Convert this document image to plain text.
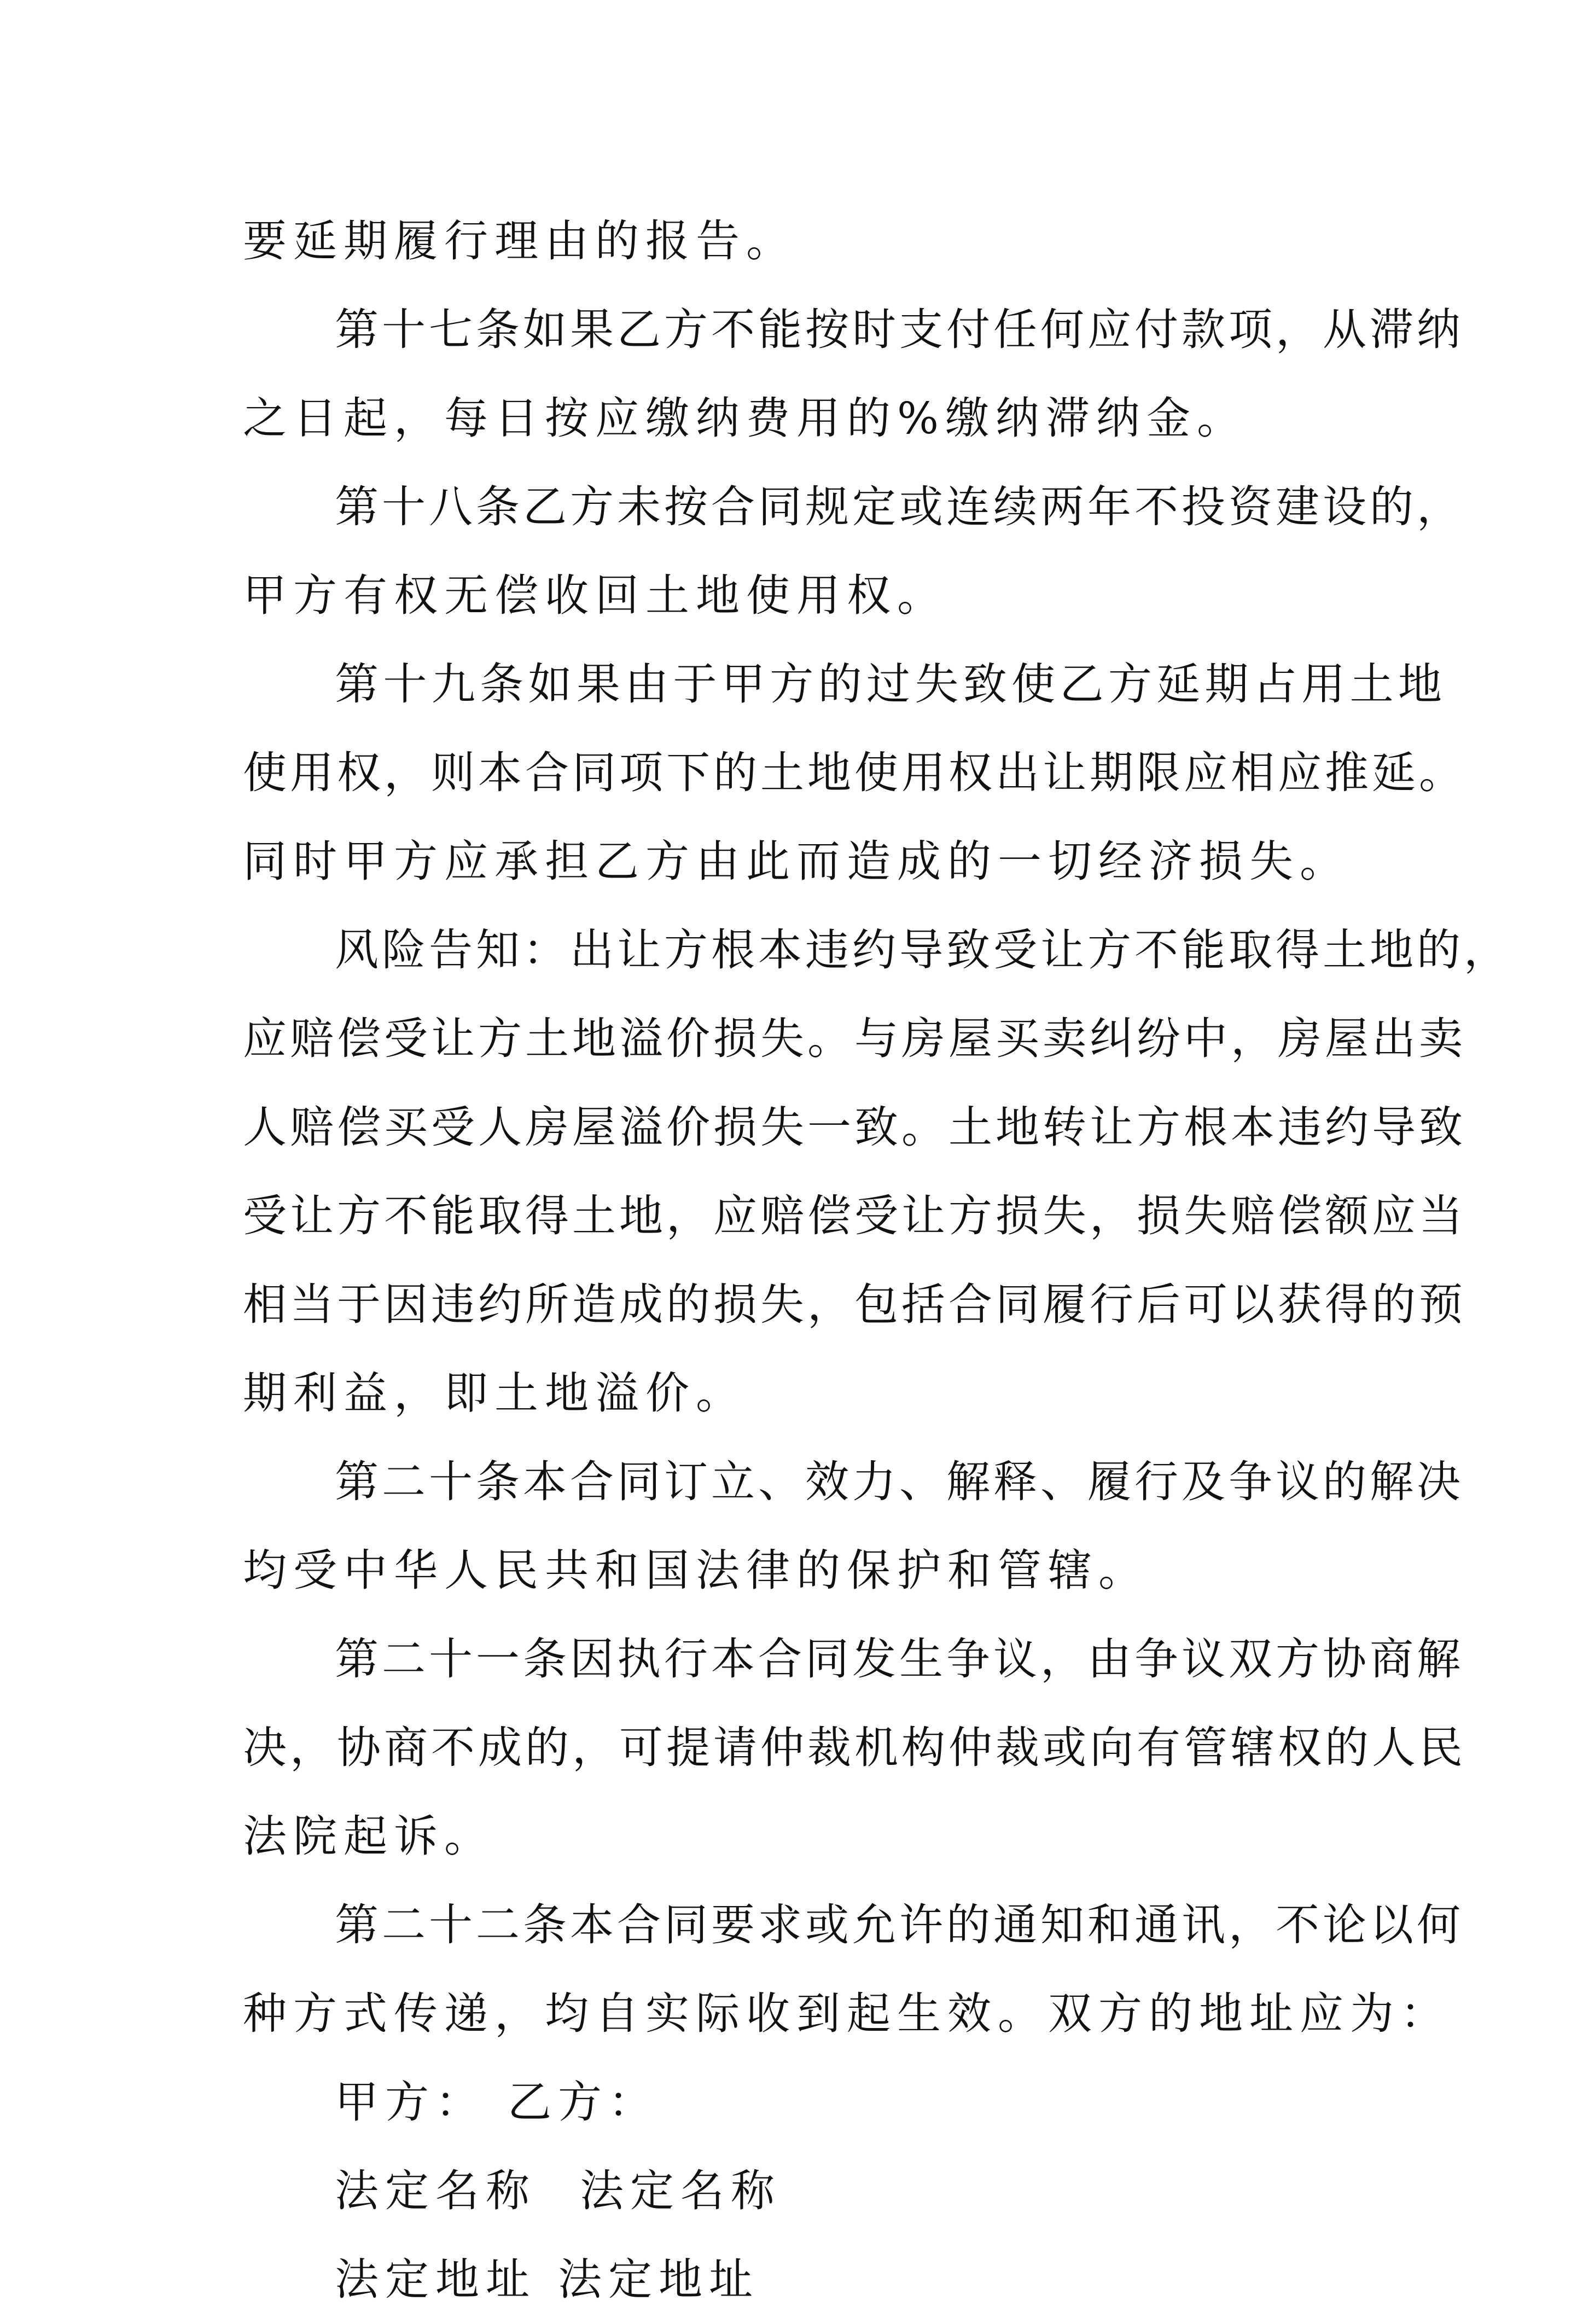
要延期履行理由的报告。

第十七条如果乙方不能按时支付任何应付款项，从滞纳

之日起，每日按应缴纳费用的%缴纳滞纳金。

第十八条乙方未按合同规定或连续两年不投资建设的，

甲方有权无偿收回土地使用权。

第十九条如果由于甲方的过失致使乙方延期占用土地

使用权，则本合同项下的土地使用权出让期限应相应推延。

同时甲方应承担乙方由此而造成的一切经济损失。

风险告知：出让方根本违约导致受让方不能取得土地的，

应赔偿受让方土地溢价损失。与房屋买卖纠纷中，房屋出卖

人赔偿买受人房屋溢价损失一致。土地转让方根本违约导致

受让方不能取得土地，应赔偿受让方损失，损失赔偿额应当

相当于因违约所造成的损失，包括合同履行后可以获得的预

期利益，即土地溢价。

第二十条本合同订立、效力、解释、履行及争议的解决

均受中华人民共和国法律的保护和管辖。

第二十一条因执行本合同发生争议，由争议双方协商解

决，协商不成的，可提请仲裁机构仲裁或向有管辖权的人民

法院起诉。

第二十二条本合同要求或允许的通知和通讯，不论以何

种方式传递，均自实际收到起生效。双方的地址应为：

甲方： 乙方：

法定名称 法定名称

法定地址 法定地址
